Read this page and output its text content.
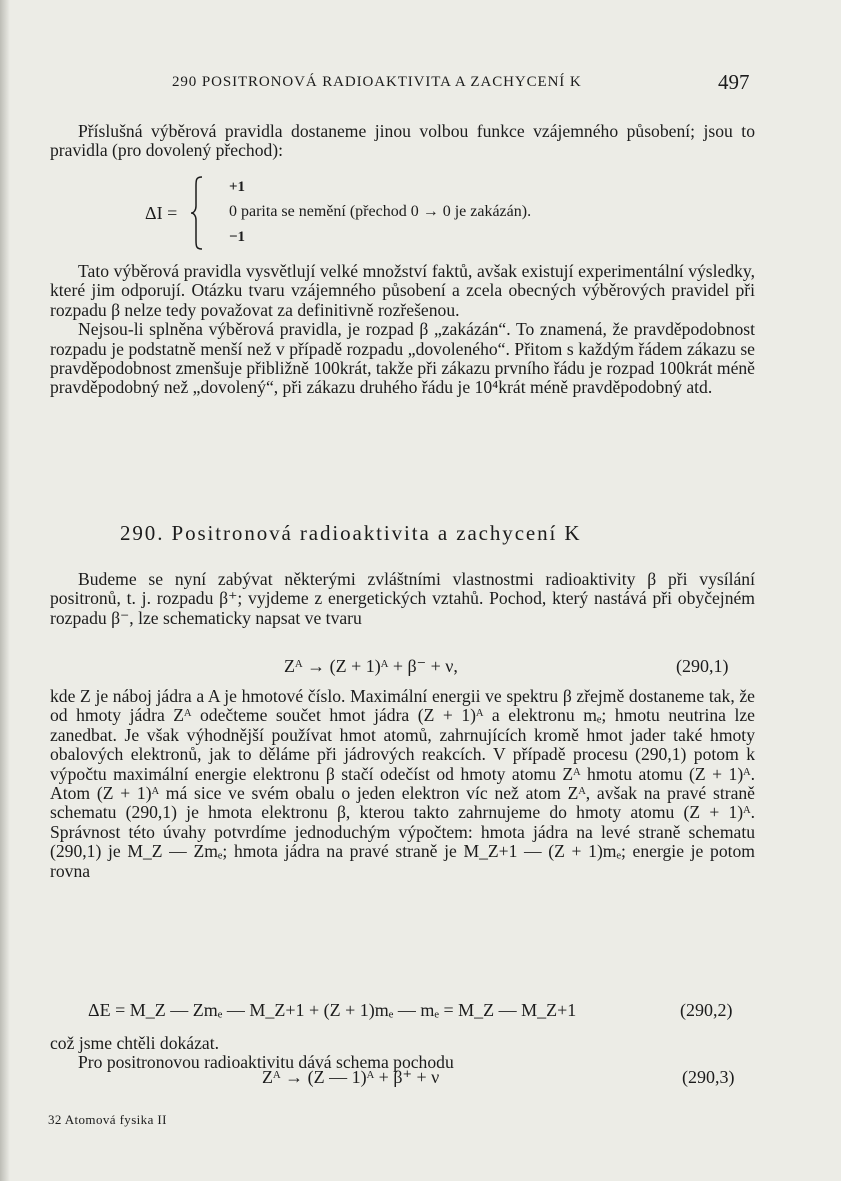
290 POSITRONOVÁ RADIOAKTIVITA A ZACHYCENÍ K	497

Příslušná výběrová pravidla dostaneme jinou volbou funkce vzájemného působení; jsou to pravidla (pro dovolený přechod):

ΔI =
+1
0 parita se nemění (přechod 0 → 0 je zakázán).
−1

Tato výběrová pravidla vysvětlují velké množství faktů, avšak existují experimentální výsledky, které jim odporují. Otázku tvaru vzájemného působení a zcela obecných výběrových pravidel při rozpadu β nelze tedy považovat za definitivně rozřešenou.

Nejsou-li splněna výběrová pravidla, je rozpad β „zakázán“. To znamená, že pravděpodobnost rozpadu je podstatně menší než v případě rozpadu „dovoleného“. Přitom s každým řádem zákazu se pravděpodobnost zmenšuje přibližně 100krát, takže při zákazu prvního řádu je rozpad 100krát méně pravděpodobný než „dovolený“, při zákazu druhého řádu je 10⁴krát méně pravděpodobný atd.

290. Positronová radioaktivita a zachycení K

Budeme se nyní zabývat některými zvláštními vlastnostmi radioaktivity β při vysílání positronů, t. j. rozpadu β⁺; vyjdeme z energetických vztahů. Pochod, který nastává při obyčejném rozpadu β⁻, lze schematicky napsat ve tvaru

Zᴬ → (Z + 1)ᴬ + β⁻ + ν,	(290,1)

kde Z je náboj jádra a A je hmotové číslo. Maximální energii ve spektru β zřejmě dostaneme tak, že od hmoty jádra Zᴬ odečteme součet hmot jádra (Z + 1)ᴬ a elektronu mₑ; hmotu neutrina lze zanedbat. Je však výhodnější používat hmot atomů, zahrnujících kromě hmot jader také hmoty obalových elektronů, jak to děláme při jádrových reakcích. V případě procesu (290,1) potom k výpočtu maximální energie elektronu β stačí odečíst od hmoty atomu Zᴬ hmotu atomu (Z + 1)ᴬ. Atom (Z + 1)ᴬ má sice ve svém obalu o jeden elektron víc než atom Zᴬ, avšak na pravé straně schematu (290,1) je hmota elektronu β, kterou takto zahrnujeme do hmoty atomu (Z + 1)ᴬ. Správnost této úvahy potvrdíme jednoduchým výpočtem: hmota jádra na levé straně schematu (290,1) je M_Z — Zmₑ; hmota jádra na pravé straně je M_Z+1 — (Z + 1)mₑ; energie je potom rovna

ΔE = M_Z — Zmₑ — M_Z+1 + (Z + 1)mₑ — mₑ = M_Z — M_Z+1	(290,2)

což jsme chtěli dokázat.

Pro positronovou radioaktivitu dává schema pochodu

Zᴬ → (Z — 1)ᴬ + β⁺ + ν	(290,3)
32 Atomová fysika II
